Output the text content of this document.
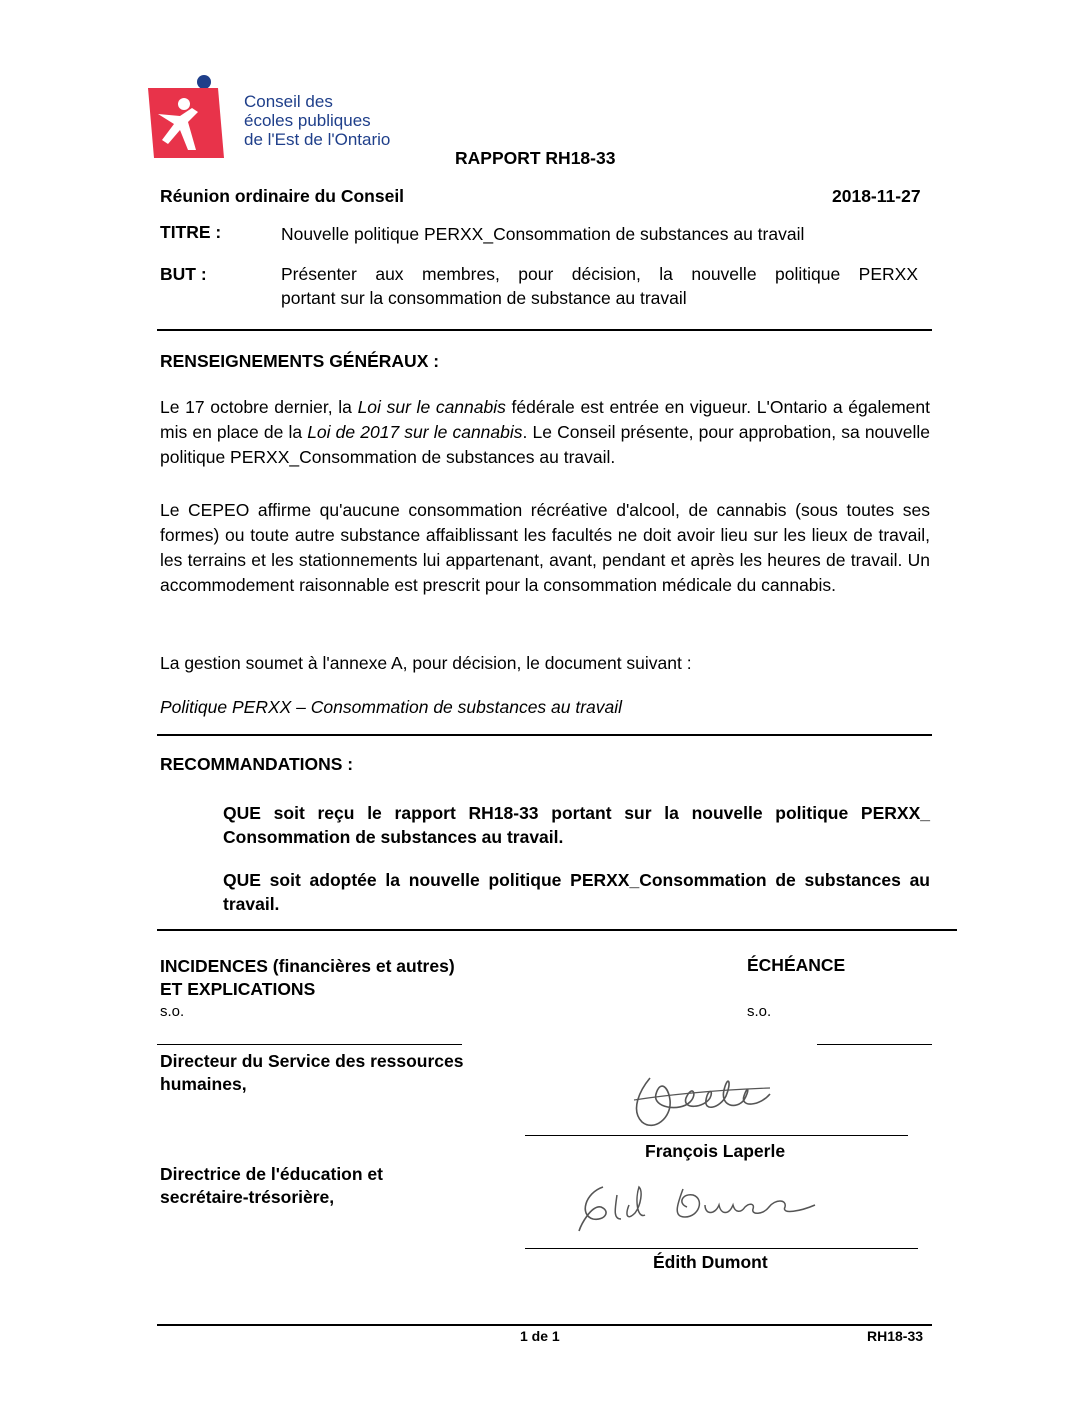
Conseil des
écoles publiques
de l'Est de l'Ontario
RAPPORT RH18-33
Réunion ordinaire du Conseil	2018-11-27
TITRE :	Nouvelle politique PERXX_Consommation de substances au travail
BUT :	Présenter aux membres, pour décision, la nouvelle politique PERXX
portant sur la consommation de substance au travail
RENSEIGNEMENTS GÉNÉRAUX :
Le 17 octobre dernier, la Loi sur le cannabis fédérale est entrée en vigueur. L'Ontario a également mis en place de la Loi de 2017 sur le cannabis. Le Conseil présente, pour approbation, sa nouvelle politique PERXX_Consommation de substances au travail.
Le CEPEO affirme qu'aucune consommation récréative d'alcool, de cannabis (sous toutes ses formes) ou toute autre substance affaiblissant les facultés ne doit avoir lieu sur les lieux de travail, les terrains et les stationnements lui appartenant, avant, pendant et après les heures de travail. Un accommodement raisonnable est prescrit pour la consommation médicale du cannabis.
La gestion soumet à l'annexe A, pour décision, le document suivant :
Politique PERXX – Consommation de substances au travail
RECOMMANDATIONS :
QUE soit reçu le rapport RH18-33 portant sur la nouvelle politique PERXX_ Consommation de substances au travail.
QUE soit adoptée la nouvelle politique PERXX_Consommation de substances au travail.
INCIDENCES (financières et autres)
ET EXPLICATIONS
s.o.
ÉCHÉANCE
s.o.
Directeur du Service des ressources
humaines,
François Laperle
Directrice de l'éducation et
secrétaire-trésorière,
Édith Dumont
1 de 1	RH18-33
